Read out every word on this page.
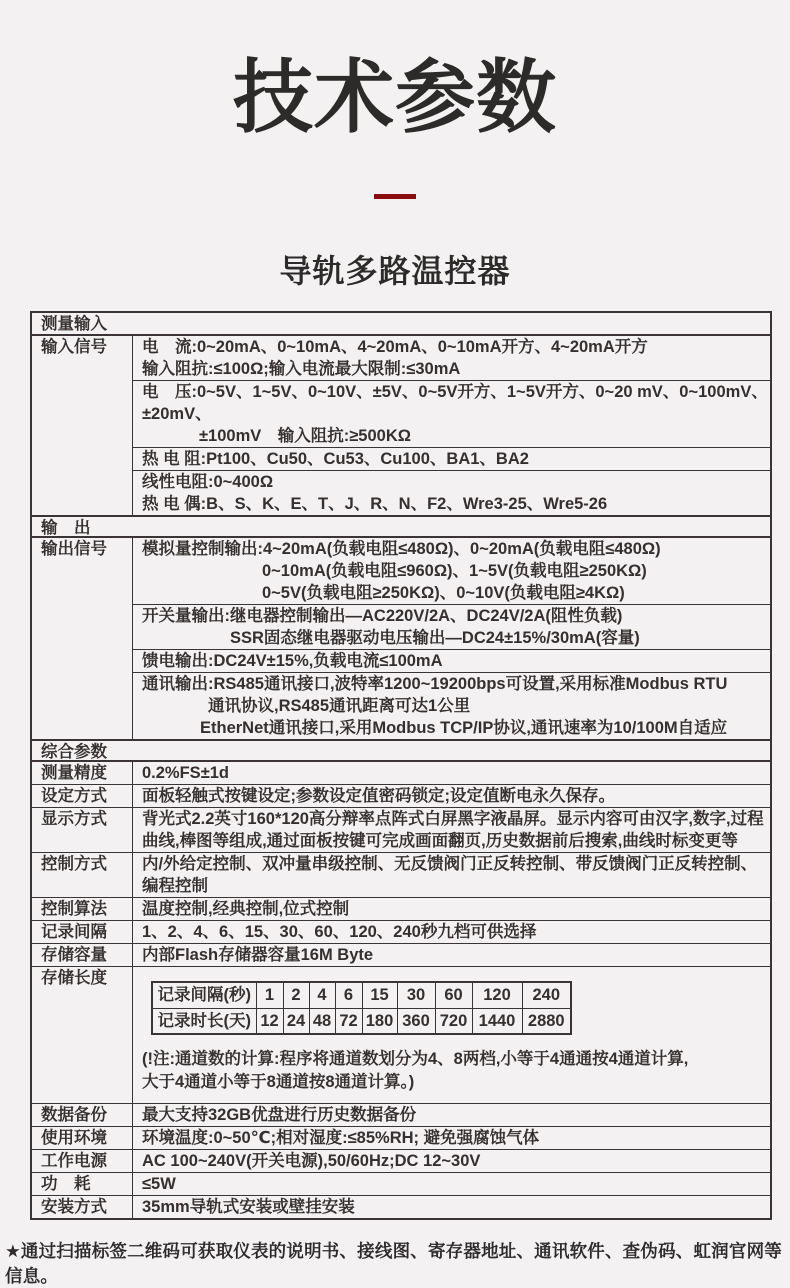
技术参数
导轨多路温控器
测量输入
输入信号	电　流:0~20mA、0~10mA、4~20mA、0~10mA开方、4~20mA开方
输入阻抗:≤100Ω;输入电流最大限制:≤30mA
电　压:0~5V、1~5V、0~10V、±5V、0~5V开方、1~5V开方、0~20 mV、0~100mV、±20mV、
±100mV　输入阻抗:≥500KΩ
热 电 阻:Pt100、Cu50、Cu53、Cu100、BA1、BA2
线性电阻:0~400Ω
热 电 偶:B、S、K、E、T、J、R、N、F2、Wre3-25、Wre5-26
输　出
输出信号	模拟量控制输出:4~20mA(负载电阻≤480Ω)、0~20mA(负载电阻≤480Ω)
0~10mA(负载电阻≤960Ω)、1~5V(负载电阻≥250KΩ)
0~5V(负载电阻≥250KΩ)、0~10V(负载电阻≥4KΩ)
开关量输出:继电器控制输出—AC220V/2A、DC24V/2A(阻性负载)
SSR固态继电器驱动电压输出—DC24±15%/30mA(容量)
馈电输出:DC24V±15%,负载电流≤100mA
通讯输出:RS485通讯接口,波特率1200~19200bps可设置,采用标准Modbus RTU
通讯协议,RS485通讯距离可达1公里
EtherNet通讯接口,采用Modbus TCP/IP协议,通讯速率为10/100M自适应
综合参数
测量精度	0.2%FS±1d
设定方式	面板轻触式按键设定;参数设定值密码锁定;设定值断电永久保存。
显示方式	背光式2.2英寸160*120高分辩率点阵式白屏黑字液晶屏。显示内容可由汉字,数字,过程
曲线,棒图等组成,通过面板按键可完成画面翻页,历史数据前后搜索,曲线时标变更等
控制方式	内/外给定控制、双冲量串级控制、无反馈阀门正反转控制、带反馈阀门正反转控制、编程控制
控制算法	温度控制,经典控制,位式控制
记录间隔	1、2、4、6、15、30、60、120、240秒九档可供选择
存储容量	内部Flash存储器容量16M Byte
存储长度
记录间隔(秒)	1	2	4	6	15	30	60	120	240
记录时长(天)	12	24	48	72	180	360	720	1440	2880
(!注:通道数的计算:程序将通道数划分为4、8两档,小等于4通通按4通道计算,
大于4通道小等于8通道按8通道计算。)
数据备份	最大支持32GB优盘进行历史数据备份
使用环境	环境温度:0~50℃;相对湿度:≤85%RH; 避免强腐蚀气体
工作电源	AC 100~240V(开关电源),50/60Hz;DC 12~30V
功　耗	≤5W
安装方式	35mm导轨式安装或壁挂安装
★通过扫描标签二维码可获取仪表的说明书、接线图、寄存器地址、通讯软件、查伪码、虹润官网等信息。
